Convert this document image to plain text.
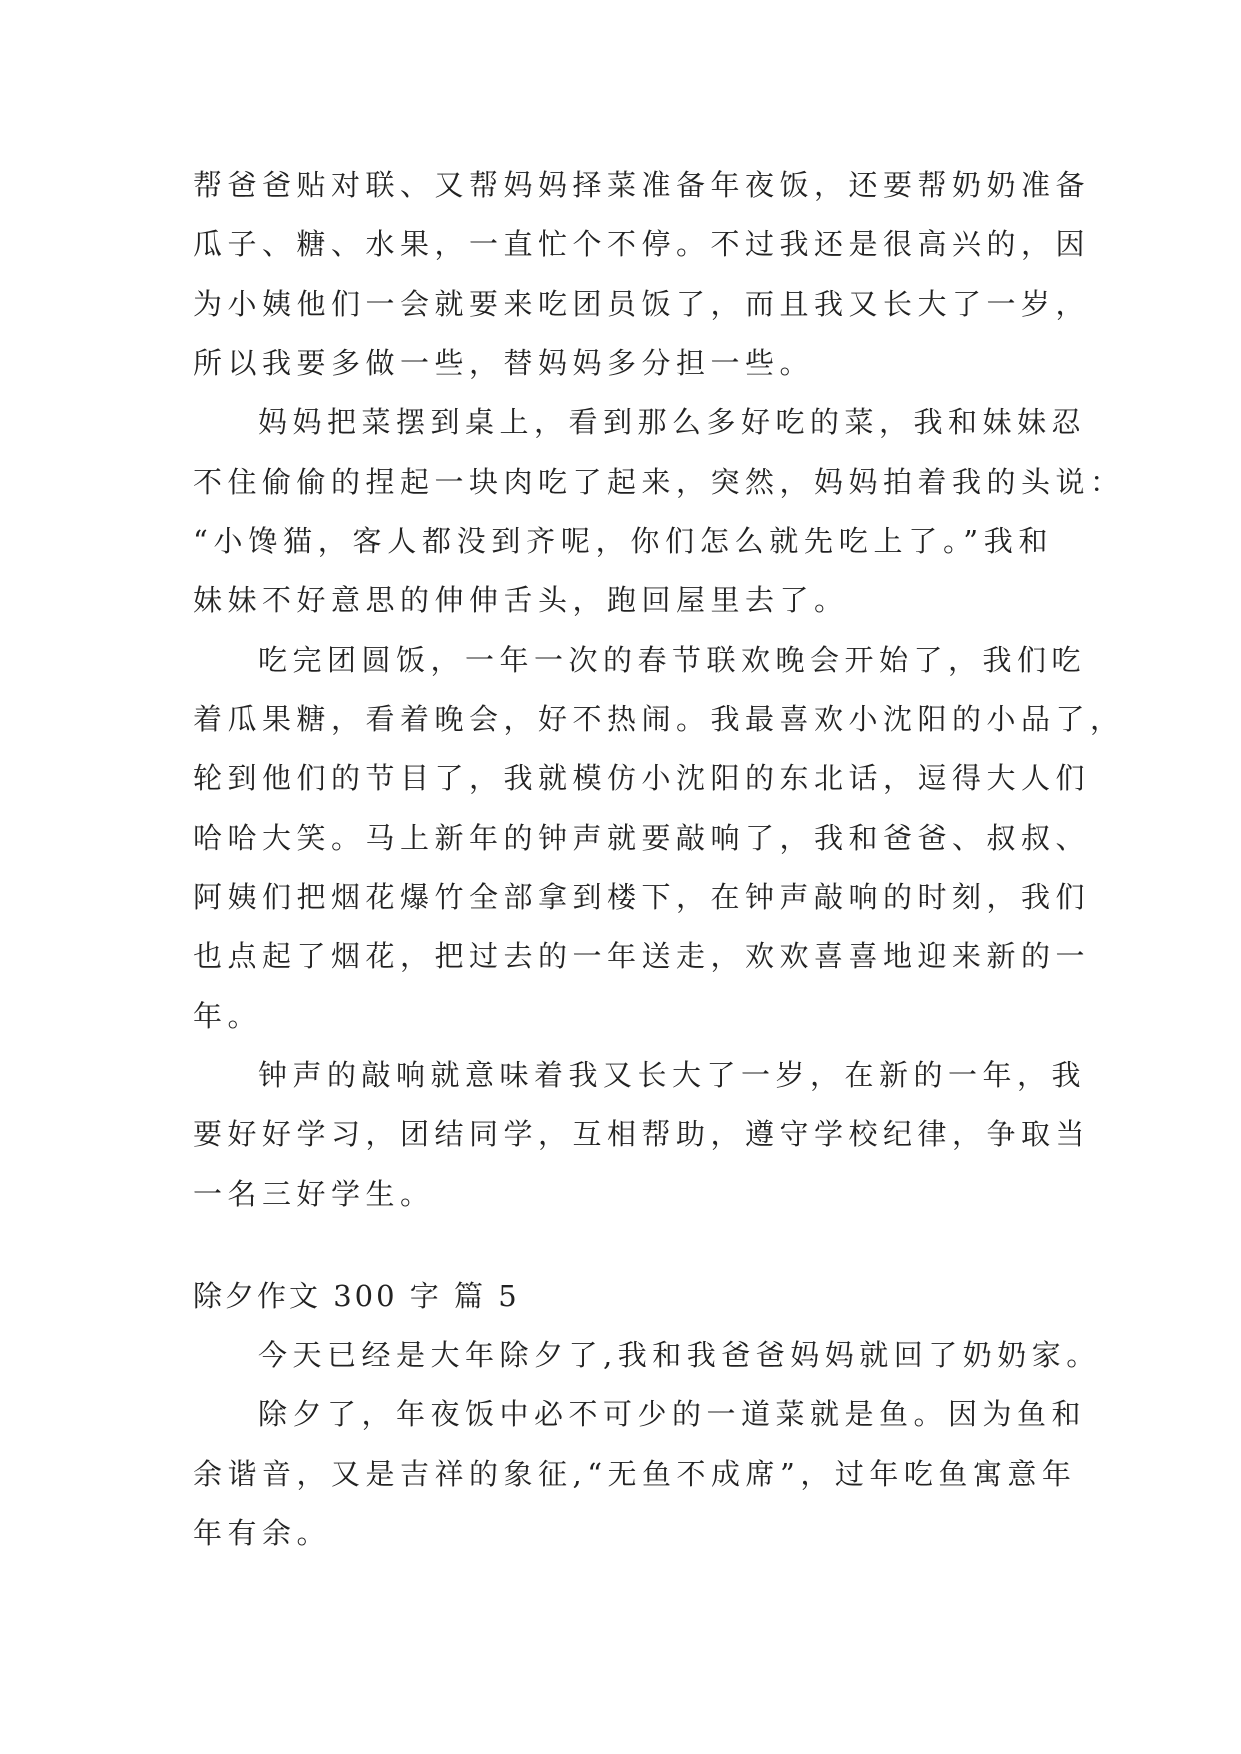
帮爸爸贴对联、又帮妈妈择菜准备年夜饭，还要帮奶奶准备
瓜子、糖、水果，一直忙个不停。不过我还是很高兴的，因
为小姨他们一会就要来吃团员饭了，而且我又长大了一岁，
所以我要多做一些，替妈妈多分担一些。
妈妈把菜摆到桌上，看到那么多好吃的菜，我和妹妹忍
不住偷偷的捏起一块肉吃了起来，突然，妈妈拍着我的头说：
“小馋猫，客人都没到齐呢，你们怎么就先吃上了。”我和
妹妹不好意思的伸伸舌头，跑回屋里去了。
吃完团圆饭，一年一次的春节联欢晚会开始了，我们吃
着瓜果糖，看着晚会，好不热闹。我最喜欢小沈阳的小品了，
轮到他们的节目了，我就模仿小沈阳的东北话，逗得大人们
哈哈大笑。马上新年的钟声就要敲响了，我和爸爸、叔叔、
阿姨们把烟花爆竹全部拿到楼下，在钟声敲响的时刻，我们
也点起了烟花，把过去的一年送走，欢欢喜喜地迎来新的一
年。
钟声的敲响就意味着我又长大了一岁，在新的一年，我
要好好学习，团结同学，互相帮助，遵守学校纪律，争取当
一名三好学生。
除夕作文 300 字 篇 5
今天已经是大年除夕了,我和我爸爸妈妈就回了奶奶家。
除夕了，年夜饭中必不可少的一道菜就是鱼。因为鱼和
余谐音，又是吉祥的象征,“无鱼不成席”，过年吃鱼寓意年
年有余。
